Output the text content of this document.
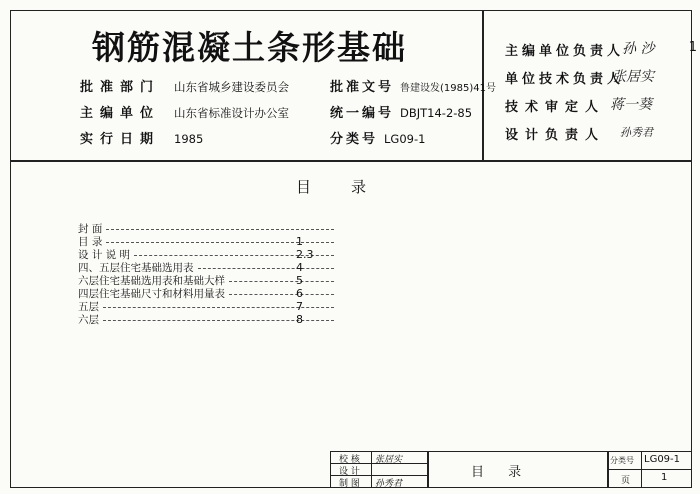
钢筋混凝土条形基础
批准部门 山东省城乡建设委员会
主编单位 山东省标准设计办公室
实行日期 1985
批准文号 鲁建设发(1985)41号
统一编号 DBJT14-2-85
分类号 LG09-1
主编单位负责人
孙 沙
单位技术负责人
张居实
技术审定人 蒋一葵
设计负责人 孙秀君
1
目录
封 面
目 录	1
设 计 说 明	2.3
四、五层住宅基础选用表	4
六层住宅基础选用表和基础大样	5
四层住宅基础尺寸和材料用量表	6
五层	7
六层	8
校 核 张居实
设 计
制 图 孙秀君
目 录
分类号 LG09-1
页	1
